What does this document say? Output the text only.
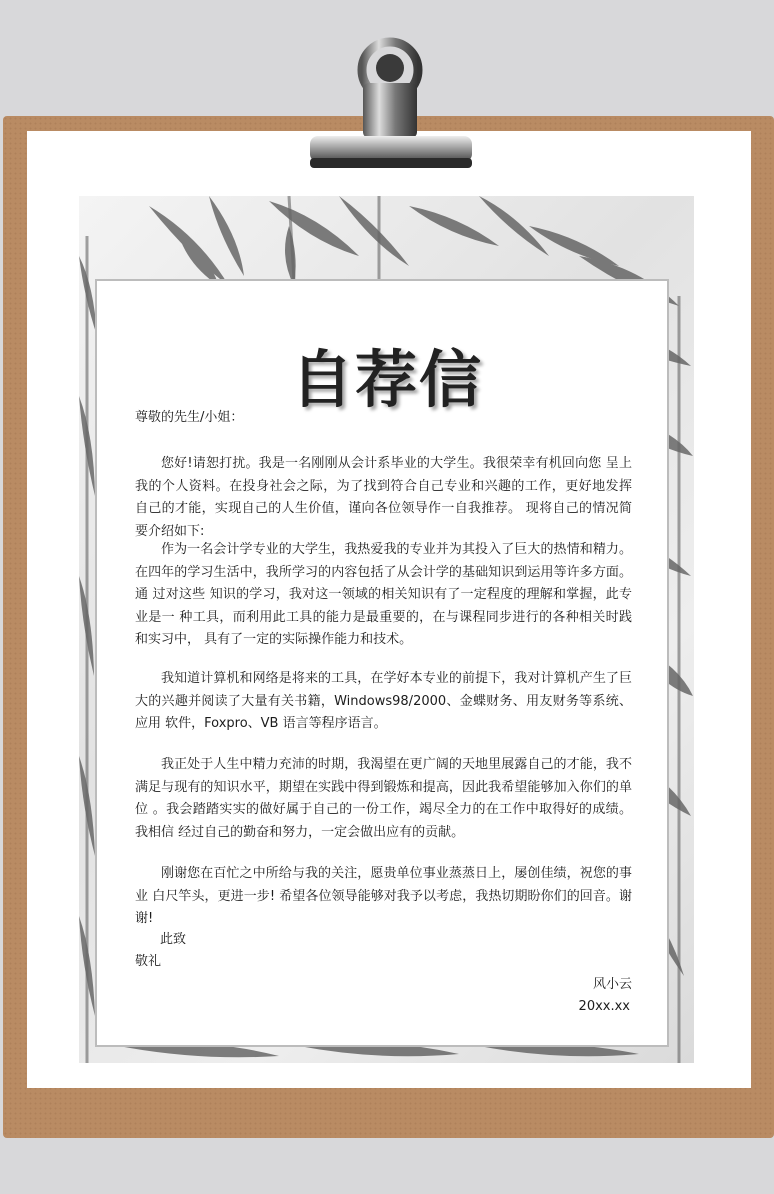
自荐信
尊敬的先生/小姐：
您好!请恕打扰。我是一名刚刚从会计系毕业的大学生。我很荣幸有机回向您 呈上我的个人资料。在投身社会之际，为了找到符合自己专业和兴趣的工作，更好地发挥 自己的才能，实现自己的人生价值，谨向各位领导作一自我推荐。 现将自己的情况简要介绍如下:
作为一名会计学专业的大学生，我热爱我的专业并为其投入了巨大的热情和精力。 在四年的学习生活中，我所学习的内容包括了从会计学的基础知识到运用等许多方面。通 过对这些 知识的学习，我对这一领域的相关知识有了一定程度的理解和掌握，此专业是一 种工具，而利用此工具的能力是最重要的，在与课程同步进行的各种相关时践和实习中， 具有了一定的实际操作能力和技术。
我知道计算机和网络是将来的工具，在学好本专业的前提下，我对计算机产生了巨 大的兴趣并阅读了大量有关书籍，Windows98/2000、金蝶财务、用友财务等系统、应用 软件，Foxpro、VB 语言等程序语言。
我正处于人生中精力充沛的时期，我渴望在更广阔的天地里展露自己的才能，我不 满足与现有的知识水平，期望在实践中得到锻炼和提高，因此我希望能够加入你们的单位 。我会踏踏实实的做好属于自己的一份工作，竭尽全力的在工作中取得好的成绩。我相信 经过自己的勤奋和努力，一定会做出应有的贡献。
刚谢您在百忙之中所给与我的关注，愿贵单位事业蒸蒸日上，屡创佳绩，祝您的事业 白尺竿头，更进一步! 希望各位领导能够对我予以考虑，我热切期盼你们的回音。谢谢!
此致
敬礼
风小云
20xx.xx
